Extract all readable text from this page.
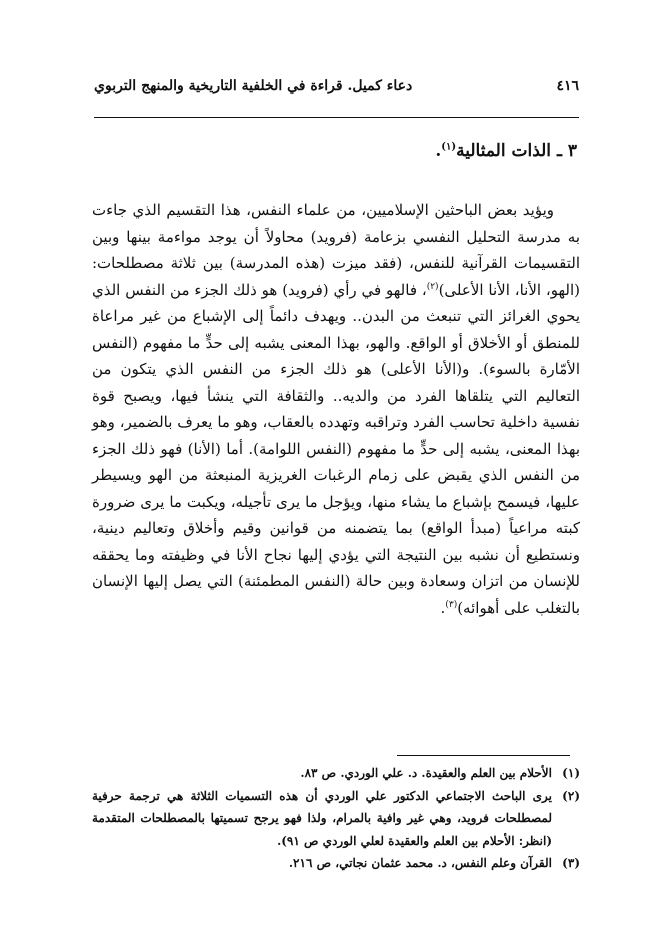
٤١٦
دعاء كميل. قراءة في الخلفية التاريخية والمنهج التربوي
٣ ـ الذات المثالية$^{(١)}$.

ويؤيد بعض الباحثين الإسلاميين، من علماء النفس، هذا التقسيم الذي جاءت به مدرسة التحليل النفسي بزعامة (فرويد) محاولاً أن يوجد مواءمة بينها وبين التقسيمات القرآنية للنفس، (فقد ميزت (هذه المدرسة) بين ثلاثة مصطلحات: (الهو، الأنا، الأنا الأعلى)$^{(٢)}$، فالهو في رأي (فرويد) هو ذلك الجزء من النفس الذي يحوي الغرائز التي تنبعث من البدن.. ويهدف دائماً إلى الإشباع من غير مراعاة للمنطق أو الأخلاق أو الواقع. والهو، بهذا المعنى يشبه إلى حدٍّ ما مفهوم (النفس الأمّارة بالسوء). و(الأنا الأعلى) هو ذلك الجزء من النفس الذي يتكون من التعاليم التي يتلقاها الفرد من والديه.. والثقافة التي ينشأ فيها، ويصبح قوة نفسية داخلية تحاسب الفرد وتراقبه وتهدده بالعقاب، وهو ما يعرف بالضمير، وهو بهذا المعنى، يشبه إلى حدٍّ ما مفهوم (النفس اللوامة). أما (الأنا) فهو ذلك الجزء من النفس الذي يقبض على زمام الرغبات الغريزية المنبعثة من الهو ويسيطر عليها، فيسمح بإشباع ما يشاء منها، ويؤجل ما يرى تأجيله، ويكبت ما يرى ضرورة كبته مراعياً (مبدأ الواقع) بما يتضمنه من قوانين وقيم وأخلاق وتعاليم دينية، ونستطيع أن نشبه بين النتيجة التي يؤدي إليها نجاح الأنا في وظيفته وما يحققه للإنسان من اتزان وسعادة وبين حالة (النفس المطمئنة) التي يصل إليها الإنسان بالتغلب على أهوائه)$^{(٣)}$.

(١)
الأحلام بين العلم والعقيدة. د. علي الوردي. ص ٨٣.
(٢)
يرى الباحث الاجتماعي الدكتور علي الوردي أن هذه التسميات الثلاثة هي ترجمة حرفية لمصطلحات فرويد، وهي غير وافية بالمرام، ولذا فهو يرجح تسميتها بالمصطلحات المتقدمة (انظر: الأحلام بين العلم والعقيدة لعلي الوردي ص ٩١).
(٣)
القرآن وعلم النفس، د. محمد عثمان نجاتي، ص ٢١٦.
